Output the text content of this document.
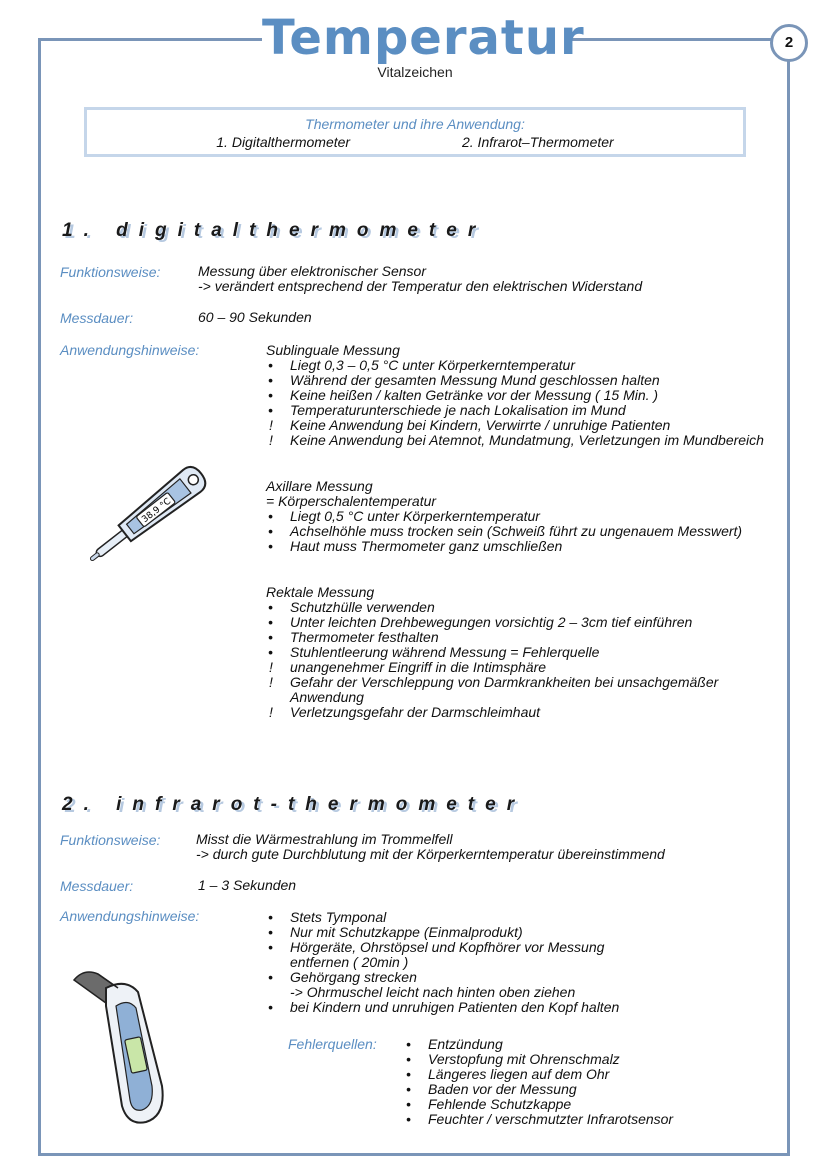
Temperatur
Vitalzeichen
2
Thermometer und ihre Anwendung:
1. Digitalthermometer	2. Infrarot–Thermometer
1. digitalthermometer
Funktionsweise:	Messung über elektronischer Sensor
-> verändert entsprechend der Temperatur den elektrischen Widerstand
Messdauer:	60 – 90 Sekunden
Anwendungshinweise:	Sublinguale Messung
• Liegt 0,3 – 0,5 °C unter Körperkerntemperatur
• Während der gesamten Messung Mund geschlossen halten
• Keine heißen / kalten Getränke vor der Messung ( 15 Min. )
• Temperaturunterschiede je nach Lokalisation im Mund
! Keine Anwendung bei Kindern, Verwirrte / unruhige Patienten
! Keine Anwendung bei Atemnot, Mundatmung, Verletzungen im Mundbereich
Axillare Messung
= Körperschalentemperatur
• Liegt 0,5 °C unter Körperkerntemperatur
• Achselhöhle muss trocken sein (Schweiß führt zu ungenauem Messwert)
• Haut muss Thermometer ganz umschließen
Rektale Messung
• Schutzhülle verwenden
• Unter leichten Drehbewegungen vorsichtig 2 – 3cm tief einführen
• Thermometer festhalten
• Stuhlentleerung während Messung = Fehlerquelle
! unangenehmer Eingriff in die Intimsphäre
! Gefahr der Verschleppung von Darmkrankheiten bei unsachgemäßer Anwendung
! Verletzungsgefahr der Darmschleimhaut
38,9 °C
2. infrarot-thermometer
Funktionsweise:	Misst die Wärmestrahlung im Trommelfell
-> durch gute Durchblutung mit der Körperkerntemperatur übereinstimmend
Messdauer:	1 – 3 Sekunden
Anwendungshinweise:	• Stets Tymponal
• Nur mit Schutzkappe (Einmalprodukt)
• Hörgeräte, Ohrstöpsel und Kopfhörer vor Messung entfernen ( 20min )
• Gehörgang strecken
-> Ohrmuschel leicht nach hinten oben ziehen
• bei Kindern und unruhigen Patienten den Kopf halten
Fehlerquellen:	• Entzündung
• Verstopfung mit Ohrenschmalz
• Längeres liegen auf dem Ohr
• Baden vor der Messung
• Fehlende Schutzkappe
• Feuchter / verschmutzter Infrarotsensor
